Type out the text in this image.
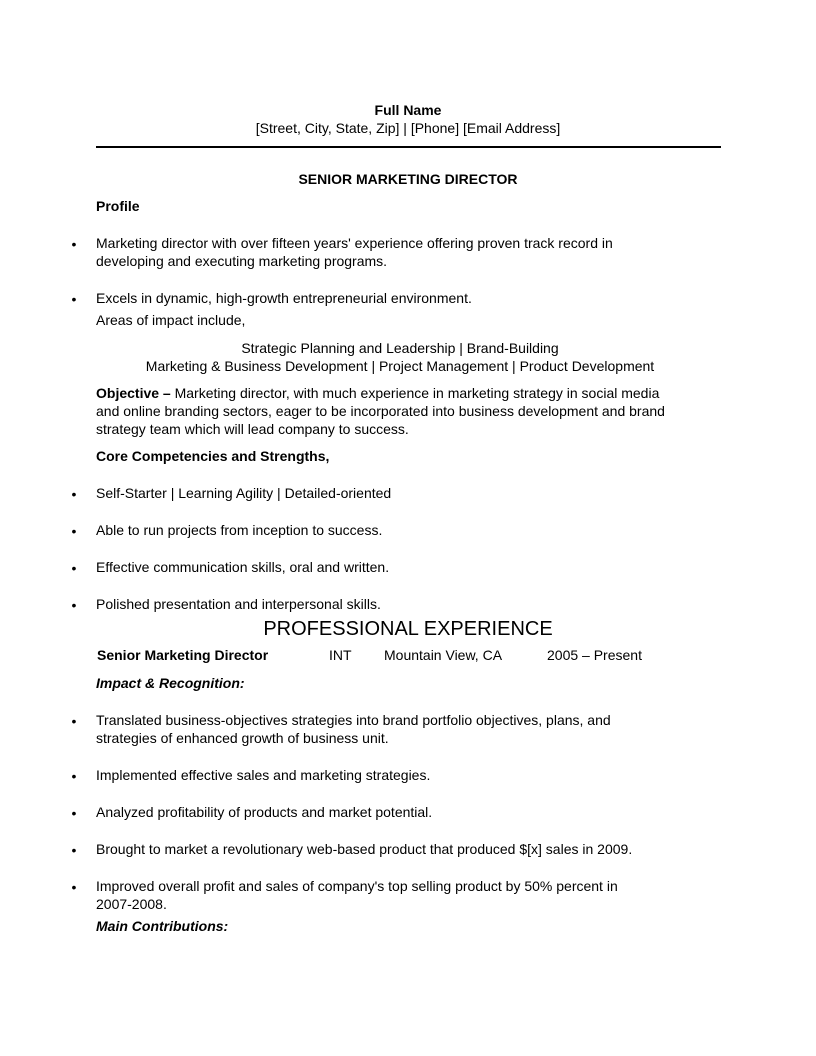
Full Name
[Street, City, State, Zip] | [Phone] [Email Address]
SENIOR MARKETING DIRECTOR
Profile
• Marketing director with over fifteen years' experience offering proven track record in
developing and executing marketing programs.
• Excels in dynamic, high-growth entrepreneurial environment.
Areas of impact include,
Strategic Planning and Leadership | Brand-Building
Marketing & Business Development | Project Management | Product Development
Objective – Marketing director, with much experience in marketing strategy in social media
and online branding sectors, eager to be incorporated into business development and brand
strategy team which will lead company to success.
Core Competencies and Strengths,
• Self-Starter | Learning Agility | Detailed-oriented
• Able to run projects from inception to success.
• Effective communication skills, oral and written.
• Polished presentation and interpersonal skills.
PROFESSIONAL EXPERIENCE
Senior Marketing Director	INT Mountain View, CA	2005 – Present
Impact & Recognition:
• Translated business-objectives strategies into brand portfolio objectives, plans, and
strategies of enhanced growth of business unit.
• Implemented effective sales and marketing strategies.
• Analyzed profitability of products and market potential.
• Brought to market a revolutionary web-based product that produced $[x] sales in 2009.
• Improved overall profit and sales of company's top selling product by 50% percent in
2007-2008.
Main Contributions:
